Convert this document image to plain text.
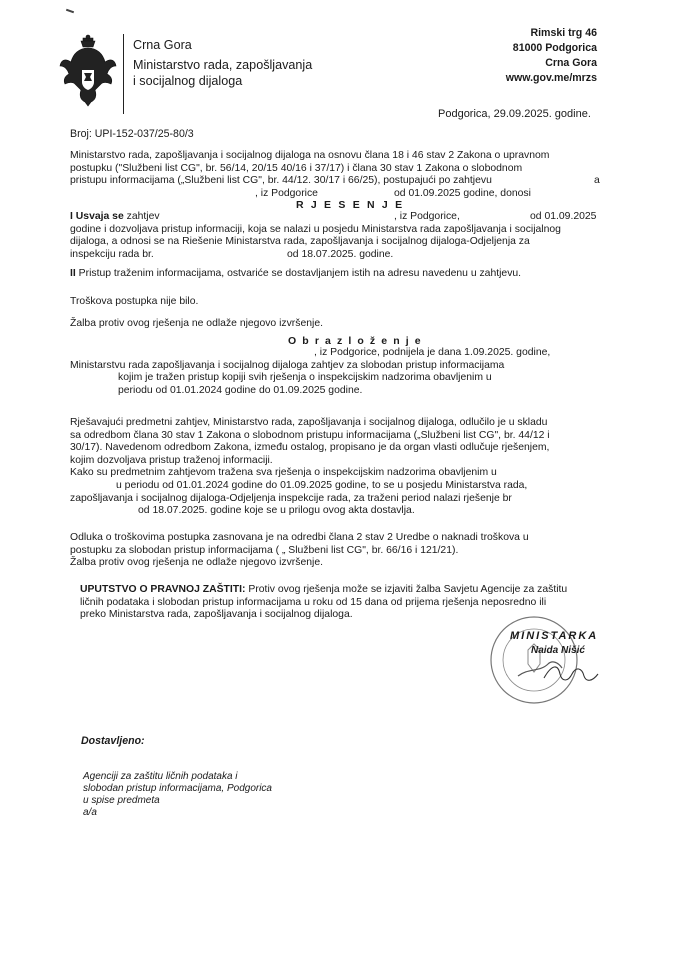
Crna Gora
Ministarstvo rada, zapošljavanja
i socijalnog dijaloga
Rimski trg 46
81000 Podgorica
Crna Gora
www.gov.me/mrzs
Podgorica, 29.09.2025. godine.
Broj: UPI-152-037/25-80/3
Ministarstvo rada, zapošljavanja i socijalnog dijaloga na osnovu člana 18 i 46 stav 2 Zakona o upravnom
postupku ("Službeni list CG", br. 56/14, 20/15 40/16 i 37/17) i člana 30 stav 1 Zakona o slobodnom
pristupu informacijama („Službeni list CG", br. 44/12. 30/17 i 66/25), postupajući po zahtjevu	a
, iz Podgorice	od 01.09.2025 godine, donosi
R J E S E N J E
I Usvaja se zahtjev	, iz Podgorice,	od 01.09.2025
godine i dozvoljava pristup informaciji, koja se nalazi u posjedu Ministarstva rada zapošljavanja i socijalnog
dijaloga, a odnosi se na Riešenie Ministarstva rada, zapošljavanja i socijalnog dijaloga-Odjeljenja za
inspekciju rada br.	od 18.07.2025. godine.
II Pristup traženim informacijama, ostvariće se dostavljanjem istih na adresu navedenu u zahtjevu.
Troškova postupka nije bilo.
Žalba protiv ovog rješenja ne odlaže njegovo izvršenje.
O b r a z l o ž e n j e
, iz Podgorice, podnijela je dana 1.09.2025. godine,
Ministarstvu rada zapošljavanja i socijalnog dijaloga zahtjev za slobodan pristup informacijama
kojim je tražen pristup kopiji svih rješenja o inspekcijskim nadzorima obavljenim u
periodu od 01.01.2024 godine do 01.09.2025 godine.
Rješavajući predmetni zahtjev, Ministarstvo rada, zapošljavanja i socijalnog dijaloga, odlučilo je u skladu
sa odredbom člana 30 stav 1 Zakona o slobodnom pristupu informacijama („Službeni list CG", br. 44/12 i
30/17). Navedenom odredbom Zakona, između ostalog, propisano je da organ vlasti odlučuje rješenjem,
kojim dozvoljava pristup traženoj informaciji.
Kako su predmetnim zahtjevom tražena sva rješenja o inspekcijskim nadzorima obavljenim u
u periodu od 01.01.2024 godine do 01.09.2025 godine, to se u posjedu Ministarstva rada,
zapošljavanja i socijalnog dijaloga-Odjeljenja inspekcije rada, za traženi period nalazi rješenje br
od 18.07.2025. godine koje se u prilogu ovog akta dostavlja.
Odluka o troškovima postupka zasnovana je na odredbi člana 2 stav 2 Uredbe o naknadi troškova u
postupku za slobodan pristup informacijama ( „ Službeni list CG", br. 66/16 i 121/21).
Žalba protiv ovog rješenja ne odlaže njegovo izvršenje.
UPUTSTVO O PRAVNOJ ZAŠTITI: Protiv ovog rješenja može se izjaviti žalba Savjetu Agencije za zaštitu
ličnih podataka i slobodan pristup informacijama u roku od 15 dana od prijema rješenja neposredno ili
preko Ministarstva rada, zapošljavanja i socijalnog dijaloga.
MINISTARKA
Naida Nišić
Dostavljeno:
Agenciji za zaštitu ličnih podataka i
slobodan pristup informacijama, Podgorica
u spise predmeta
a/a
